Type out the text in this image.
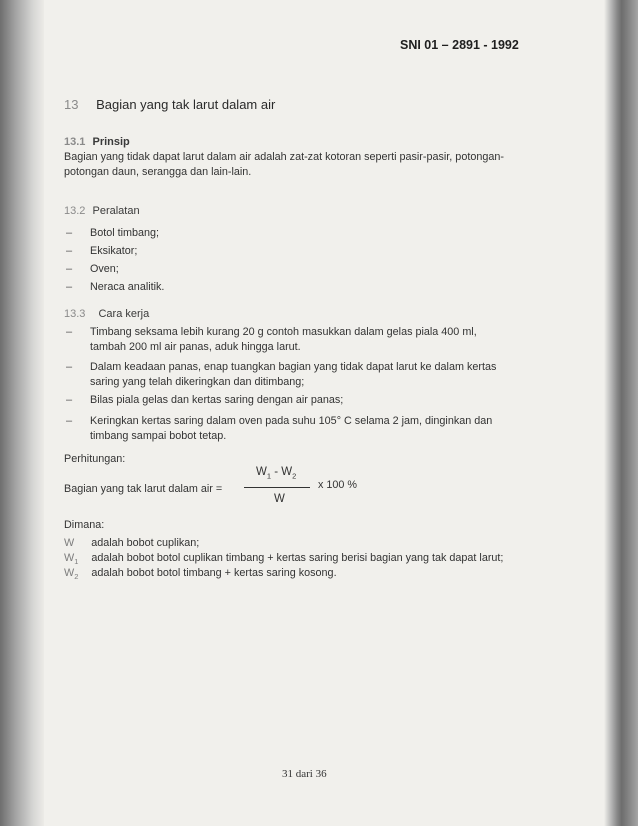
SNI 01 – 2891 - 1992
13 Bagian yang tak larut dalam air
13.1 Prinsip
Bagian yang tidak dapat larut dalam air adalah zat-zat kotoran seperti pasir-pasir, potongan-
potongan daun, serangga dan lain-lain.
13.2 Peralatan
– Botol timbang;
– Eksikator;
– Oven;
– Neraca analitik.
13.3 Cara kerja
– Timbang seksama lebih kurang 20 g contoh masukkan dalam gelas piala 400 ml,
tambah 200 ml air panas, aduk hingga larut.
– Dalam keadaan panas, enap tuangkan bagian yang tidak dapat larut ke dalam kertas
saring yang telah dikeringkan dan ditimbang;
– Bilas piala gelas dan kertas saring dengan air panas;
– Keringkan kertas saring dalam oven pada suhu 105° C selama 2 jam, dinginkan dan
timbang sampai bobot tetap.
Perhitungan:
Bagian yang tak larut dalam air =
$W_1 - W_2$
W
x 100 %
Dimana:
W adalah bobot cuplikan;
$W_1$ adalah bobot botol cuplikan timbang + kertas saring berisi bagian yang tak dapat larut;
$W_2$ adalah bobot botol timbang + kertas saring kosong.
31 dari 36
